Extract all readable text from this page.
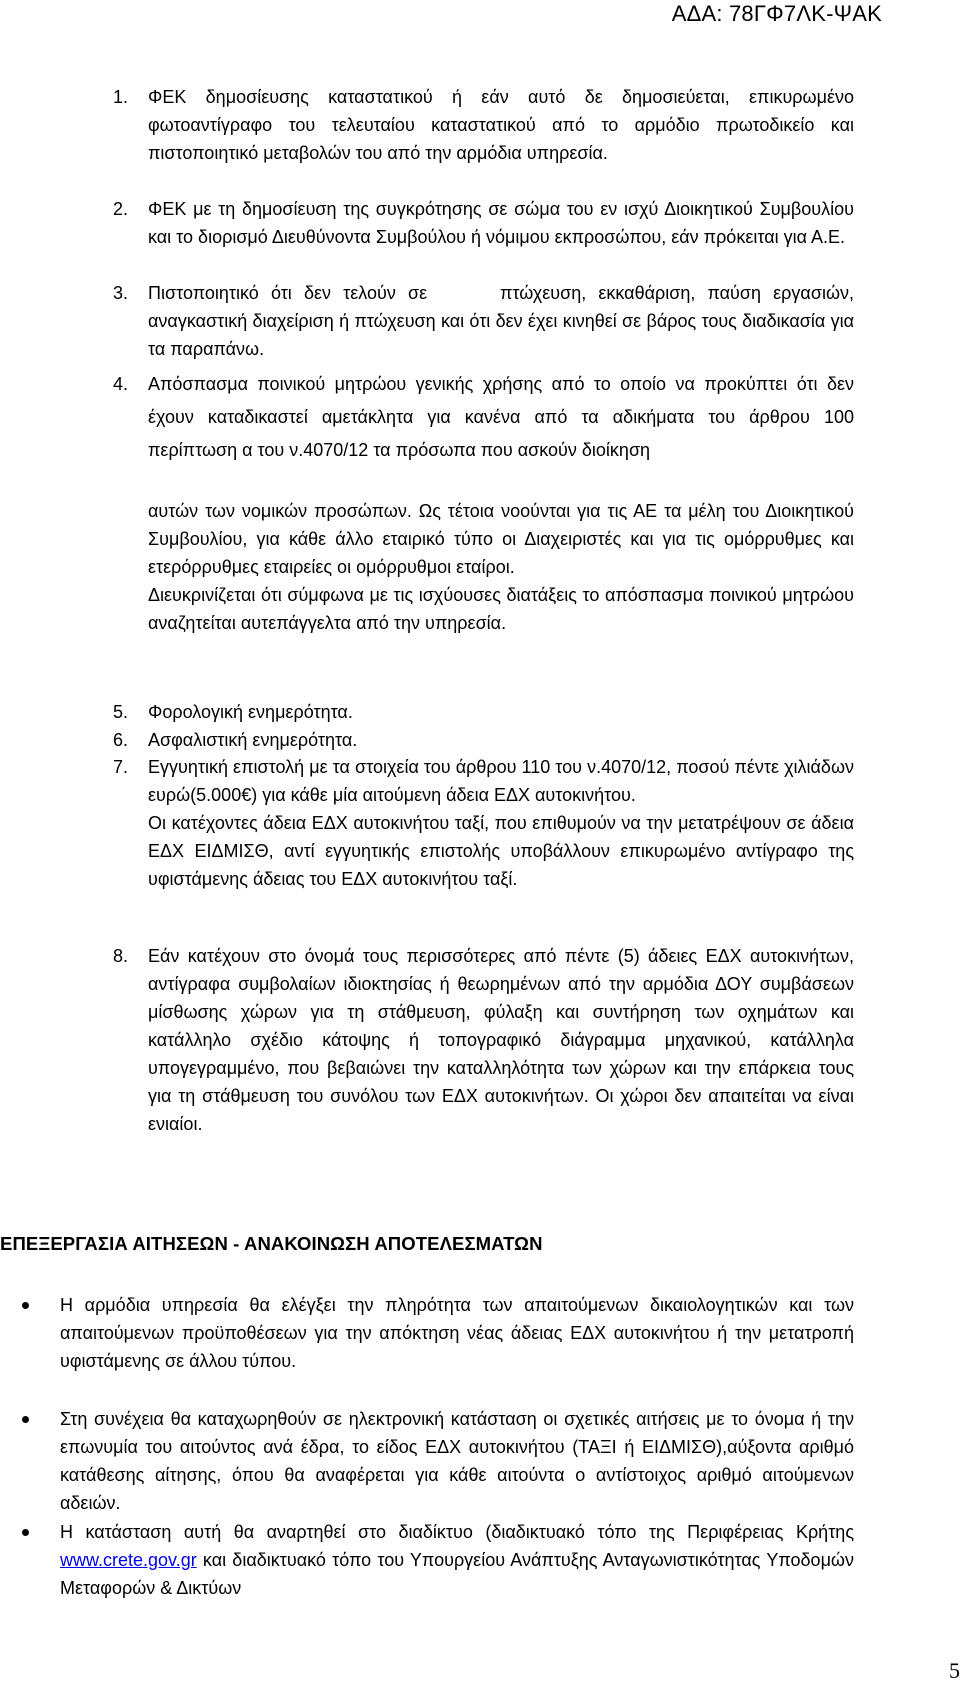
ΑΔΑ: 78ΓΦ7ΛΚ-ΨΑΚ
1. ΦΕΚ δημοσίευσης καταστατικού ή εάν αυτό δε δημοσιεύεται, επικυρωμένο φωτοαντίγραφο του τελευταίου καταστατικού από το αρμόδιο πρωτοδικείο και πιστοποιητικό μεταβολών του από την αρμόδια υπηρεσία.
2. ΦΕΚ με τη δημοσίευση της συγκρότησης σε σώμα του εν ισχύ Διοικητικού Συμβουλίου και το διορισμό Διευθύνοντα Συμβούλου ή νόμιμου εκπροσώπου, εάν πρόκειται για Α.Ε.
3. Πιστοποιητικό ότι δεν τελούν σε      πτώχευση, εκκαθάριση, παύση εργασιών, αναγκαστική διαχείριση ή πτώχευση και ότι δεν έχει κινηθεί σε βάρος τους διαδικασία για τα παραπάνω.
4. Απόσπασμα ποινικού μητρώου γενικής χρήσης από το οποίο να προκύπτει ότι δεν έχουν καταδικαστεί αμετάκλητα για κανένα από τα αδικήματα του άρθρου 100 περίπτωση α του ν.4070/12 τα πρόσωπα που ασκούν διοίκηση
αυτών των νομικών προσώπων. Ως τέτοια νοούνται για τις ΑΕ τα μέλη του Διοικητικού Συμβουλίου, για κάθε άλλο εταιρικό τύπο οι Διαχειριστές και για τις ομόρρυθμες και ετερόρρυθμες εταιρείες οι ομόρρυθμοι εταίροι.
Διευκρινίζεται ότι σύμφωνα με τις ισχύουσες διατάξεις το απόσπασμα ποινικού μητρώου αναζητείται αυτεπάγγελτα από την υπηρεσία.
5. Φορολογική ενημερότητα.
6. Ασφαλιστική ενημερότητα.
7. Εγγυητική επιστολή με τα στοιχεία του άρθρου 110 του ν.4070/12, ποσού πέντε χιλιάδων ευρώ(5.000€) για κάθε μία αιτούμενη άδεια ΕΔΧ αυτοκινήτου.
Οι κατέχοντες άδεια ΕΔΧ αυτοκινήτου ταξί, που επιθυμούν να την μετατρέψουν σε άδεια ΕΔΧ ΕΙΔΜΙΣΘ, αντί εγγυητικής επιστολής υποβάλλουν επικυρωμένο αντίγραφο της υφιστάμενης άδειας του ΕΔΧ αυτοκινήτου ταξί.
8. Εάν κατέχουν στο όνομά τους περισσότερες από πέντε (5) άδειες ΕΔΧ αυτοκινήτων, αντίγραφα συμβολαίων ιδιοκτησίας ή θεωρημένων από την αρμόδια ΔΟΥ συμβάσεων μίσθωσης χώρων για τη στάθμευση, φύλαξη και συντήρηση των οχημάτων και κατάλληλο σχέδιο κάτοψης ή τοπογραφικό διάγραμμα μηχανικού, κατάλληλα υπογεγραμμένο, που βεβαιώνει την καταλληλότητα των χώρων και την επάρκεια τους για τη στάθμευση του συνόλου των ΕΔΧ αυτοκινήτων. Οι χώροι δεν απαιτείται να είναι ενιαίοι.
ΕΠΕΞΕΡΓΑΣΙΑ ΑΙΤΗΣΕΩΝ - ΑΝΑΚΟΙΝΩΣΗ ΑΠΟΤΕΛΕΣΜΑΤΩΝ
Η αρμόδια υπηρεσία θα ελέγξει την πληρότητα των απαιτούμενων δικαιολογητικών και των απαιτούμενων προϋποθέσεων για την απόκτηση νέας άδειας ΕΔΧ αυτοκινήτου ή την μετατροπή υφιστάμενης σε άλλου τύπου.
Στη συνέχεια θα καταχωρηθούν σε ηλεκτρονική κατάσταση οι σχετικές αιτήσεις με το όνομα ή την επωνυμία του αιτούντος ανά έδρα, το είδος ΕΔΧ αυτοκινήτου (ΤΑΞΙ ή ΕΙΔΜΙΣΘ),αύξοντα αριθμό κατάθεσης αίτησης, όπου θα αναφέρεται για κάθε αιτούντα ο αντίστοιχος αριθμό αιτούμενων αδειών.
Η κατάσταση αυτή θα αναρτηθεί στο διαδίκτυο (διαδικτυακό τόπο της Περιφέρειας Κρήτης www.crete.gov.gr και διαδικτυακό τόπο του Υπουργείου Ανάπτυξης Ανταγωνιστικότητας Υποδομών Μεταφορών & Δικτύων
5
